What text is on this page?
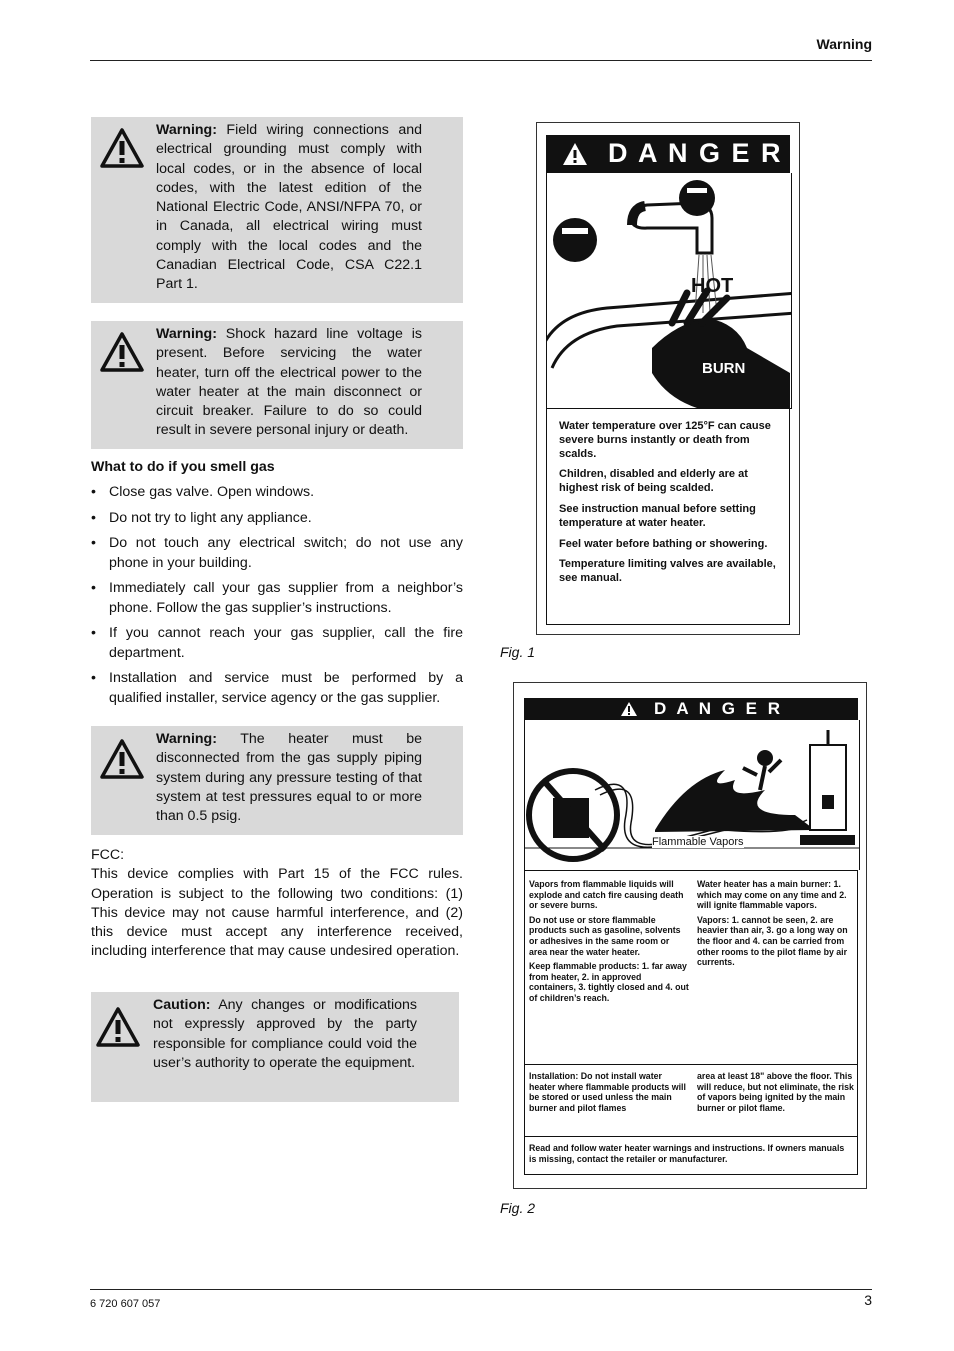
Warning
6 720 607 057	3
Warning: Field wiring connections and electrical grounding must comply with local codes, or in the absence of local codes, with the latest edition of the National Electric Code, ANSI/NFPA 70, or in Canada, all electrical wiring must comply with the local codes and the Canadian Electrical Code, CSA C22.1 Part 1.
Warning: Shock hazard line voltage is present. Before servicing the water heater, turn off the electrical power to the water heater at the main disconnect or circuit breaker. Failure to do so could result in severe personal injury or death.
What to do if you smell gas
• Close gas valve. Open windows.
• Do not try to light any appliance.
• Do not touch any electrical switch; do not use any phone in your building.
• Immediately call your gas supplier from a neighbor’s phone. Follow the gas supplier’s instructions.
• If you cannot reach your gas supplier, call the fire department.
• Installation and service must be performed by a qualified installer, service agency or the gas supplier.
Warning: The heater must be disconnected from the gas supply piping system during any pressure testing of that system at test pressures equal to or more than 0.5 psig.
FCC:
This device complies with Part 15 of the FCC rules. Operation is subject to the following two conditions: (1) This device may not cause harmful interference, and (2) this device must accept any interference received, including interference that may cause undesired operation.
Caution: Any changes or modifications not expressly approved by the party responsible for compliance could void the user’s authority to operate the equipment.
D A N G E R
HOT
BURN

Water temperature over 125°F can cause severe burns instantly or death from scalds.

Children, disabled and elderly are at highest risk of being scalded.

See instruction manual before setting temperature at water heater.

Feel water before bathing or showering.

Temperature limiting valves are available, see manual.

Fig. 1
D A N G E R
Flammable Vapors

Vapors from flammable liquids will explode and catch fire causing death or severe burns.

Do not use or store flammable products such as gasoline, solvents or adhesives in the same room or area near the water heater.

Keep flammable products: 1. far away from heater, 2. in approved containers, 3. tightly closed and 4. out of children’s reach.

Water heater has a main burner: 1. which may come on any time and 2. will ignite flammable vapors.

Vapors: 1. cannot be seen, 2. are heavier than air, 3. go a long way on the floor and 4. can be carried from other rooms to the pilot flame by air currents.

Installation: Do not install water heater where flammable products will be stored or used unless the main burner and pilot flames
area at least 18" above the floor. This will reduce, but not eliminate, the risk of vapors being ignited by the main burner or pilot flame.
Read and follow water heater warnings and instructions. If owners manuals is missing, contact the retailer or manufacturer.
Fig. 2
